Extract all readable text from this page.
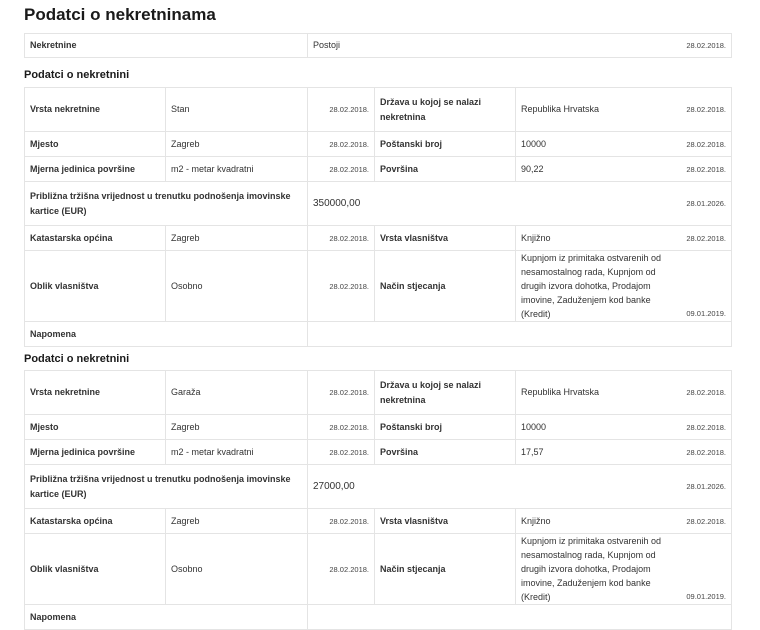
Podatci o nekretninama
Nekretnine	Postoji	28.02.2018.
Podatci o nekretnini
Vrsta nekretnine	Stan	28.02.2018.	Država u kojoj se nalazi nekretnina	Republika Hrvatska 28.02.2018.

Mjesto	Zagreb	28.02.2018.	Poštanski broj	10000 28.02.2018.

Mjerna jedinica površine	m2 - metar kvadratni	28.02.2018.	Površina	90,22 28.02.2018.

Približna tržišna vrijednost u trenutku podnošenja imovinske kartice (EUR)		350000,00 28.01.2026.		

Katastarska općina	Zagreb	28.02.2018.	Vrsta vlasništva	Knjižno 28.02.2018.

Oblik vlasništva	Osobno	28.02.2018.	Način stjecanja	Kupnjom iz primitaka ostvarenih od nesamostalnog rada, Kupnjom od drugih izvora dohotka, Prodajom imovine, Zaduženjem kod banke (Kredit) 09.01.2019.

Napomena				
Podatci o nekretnini
Vrsta nekretnine	Garaža	28.02.2018.	Država u kojoj se nalazi nekretnina	Republika Hrvatska 28.02.2018.

Mjesto	Zagreb	28.02.2018.	Poštanski broj	10000 28.02.2018.

Mjerna jedinica površine	m2 - metar kvadratni	28.02.2018.	Površina	17,57 28.02.2018.

Približna tržišna vrijednost u trenutku podnošenja imovinske kartice (EUR)		27000,00 28.01.2026.		

Katastarska općina	Zagreb	28.02.2018.	Vrsta vlasništva	Knjižno 28.02.2018.

Oblik vlasništva	Osobno	28.02.2018.	Način stjecanja	Kupnjom iz primitaka ostvarenih od nesamostalnog rada, Kupnjom od drugih izvora dohotka, Prodajom imovine, Zaduženjem kod banke (Kredit) 09.01.2019.

Napomena				
